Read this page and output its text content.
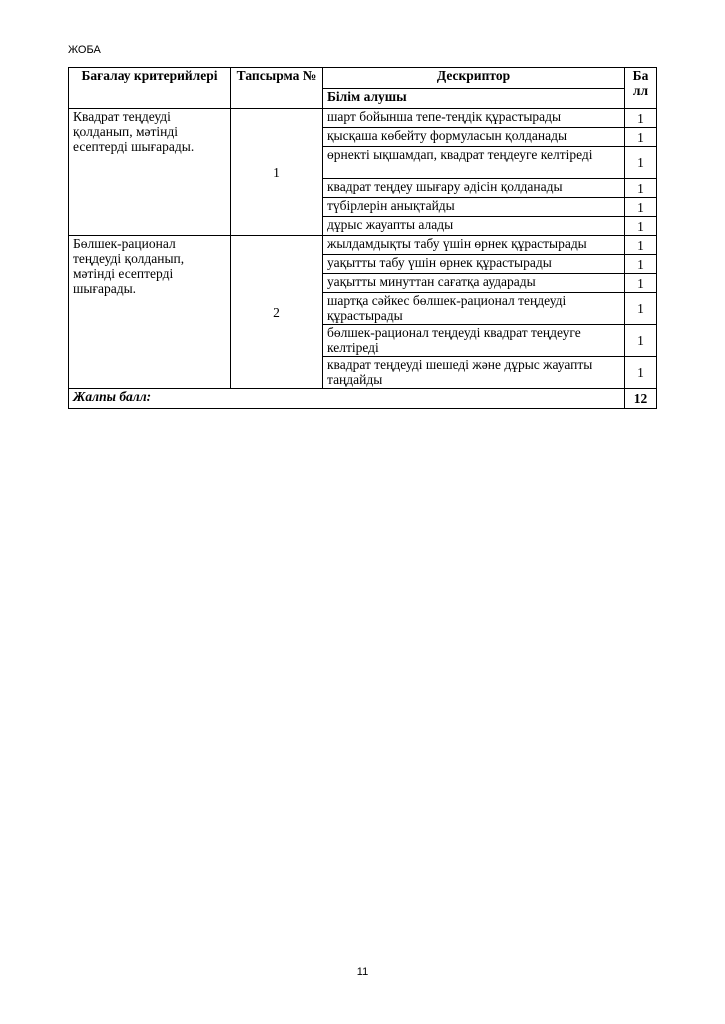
ЖОБА
Бағалау критерийлері	Тапсырма №	Дескриптор	Балл
		Білім алушы	
Квадрат теңдеуді қолданып, мәтінді есептерді шығарады.	1	шарт бойынша тепе-теңдік құрастырады	1
		қысқаша көбейту формуласын қолданады	1
		өрнекті ықшамдап, квадрат теңдеуге келтіреді	1
		квадрат теңдеу шығару әдісін қолданады	1
		түбірлерін анықтайды	1
		дұрыс жауапты алады	1
Бөлшек-рационал теңдеуді қолданып, мәтінді есептерді шығарады.	2	жылдамдықты табу үшін өрнек құрастырады	1
		уақытты табу үшін өрнек құрастырады	1
		уақытты минуттан сағатқа аударады	1
		шартқа сәйкес бөлшек-рационал теңдеуді құрастырады	1
		бөлшек-рационал теңдеуді квадрат теңдеуге келтіреді	1
		квадрат теңдеуді шешеді және дұрыс жауапты таңдайды	1
Жалпы балл:			12
11
